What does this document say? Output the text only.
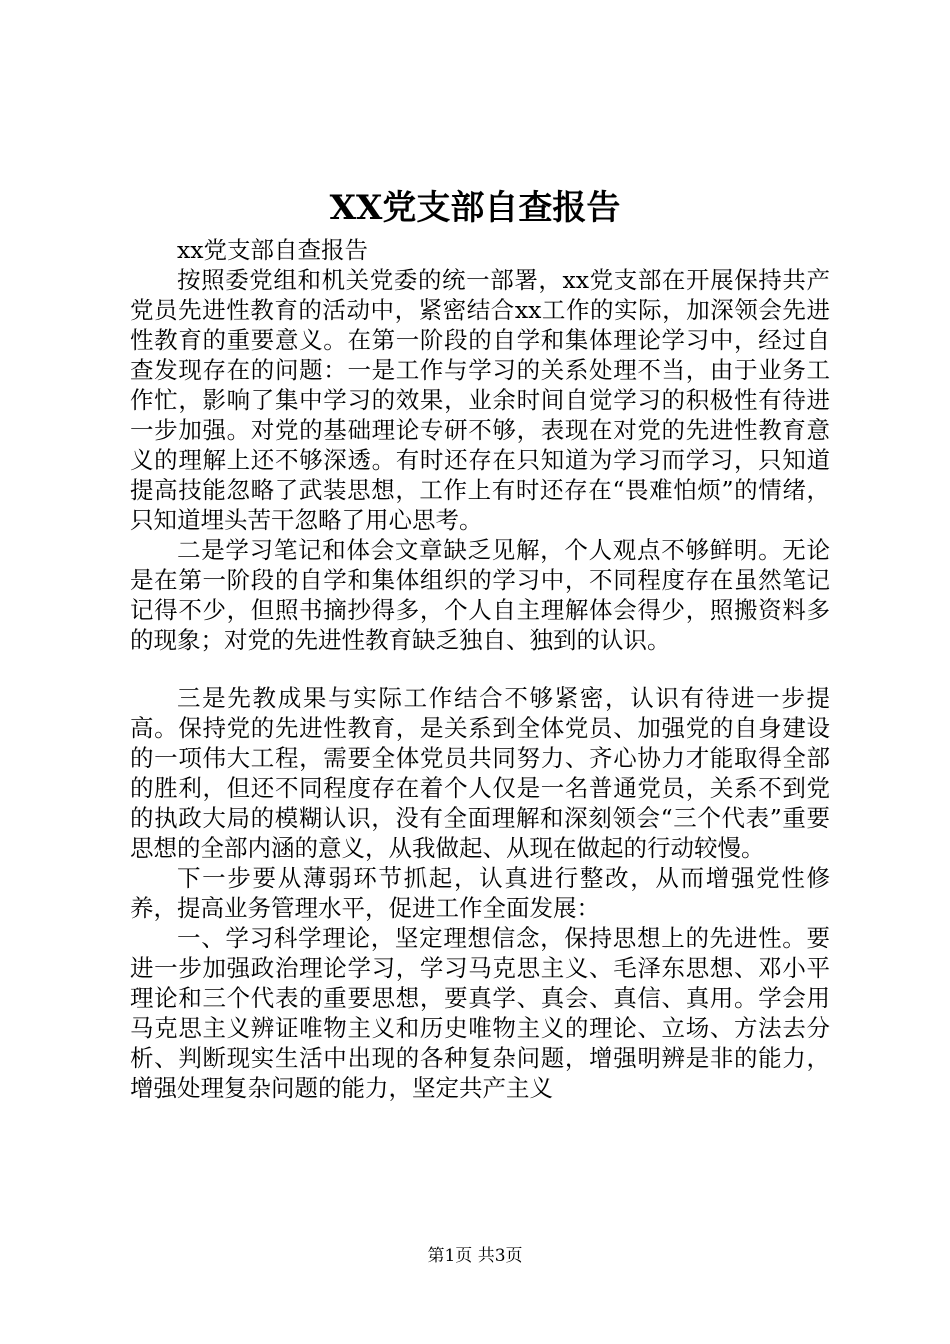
XX党支部自查报告

xx党支部自查报告

按照委党组和机关党委的统一部署，xx党支部在开展保持共产党员先进性教育的活动中，紧密结合xx工作的实际，加深领会先进性教育的重要意义。在第一阶段的自学和集体理论学习中，经过自查发现存在的问题：一是工作与学习的关系处理不当，由于业务工作忙，影响了集中学习的效果，业余时间自觉学习的积极性有待进一步加强。对党的基础理论专研不够，表现在对党的先进性教育意义的理解上还不够深透。有时还存在只知道为学习而学习，只知道提高技能忽略了武装思想，工作上有时还存在“畏难怕烦”的情绪，只知道埋头苦干忽略了用心思考。

二是学习笔记和体会文章缺乏见解，个人观点不够鲜明。无论是在第一阶段的自学和集体组织的学习中，不同程度存在虽然笔记记得不少，但照书摘抄得多，个人自主理解体会得少，照搬资料多的现象；对党的先进性教育缺乏独自、独到的认识。

三是先教成果与实际工作结合不够紧密，认识有待进一步提高。保持党的先进性教育，是关系到全体党员、加强党的自身建设的一项伟大工程，需要全体党员共同努力、齐心协力才能取得全部的胜利，但还不同程度存在着个人仅是一名普通党员，关系不到党的执政大局的模糊认识，没有全面理解和深刻领会“三个代表”重要思想的全部内涵的意义，从我做起、从现在做起的行动较慢。

下一步要从薄弱环节抓起，认真进行整改，从而增强党性修养，提高业务管理水平，促进工作全面发展：

一、学习科学理论，坚定理想信念，保持思想上的先进性。要进一步加强政治理论学习，学习马克思主义、毛泽东思想、邓小平理论和三个代表的重要思想，要真学、真会、真信、真用。学会用马克思主义辨证唯物主义和历史唯物主义的理论、立场、方法去分析、判断现实生活中出现的各种复杂问题，增强明辨是非的能力，增强处理复杂问题的能力，坚定共产主义

第1页 共3页
